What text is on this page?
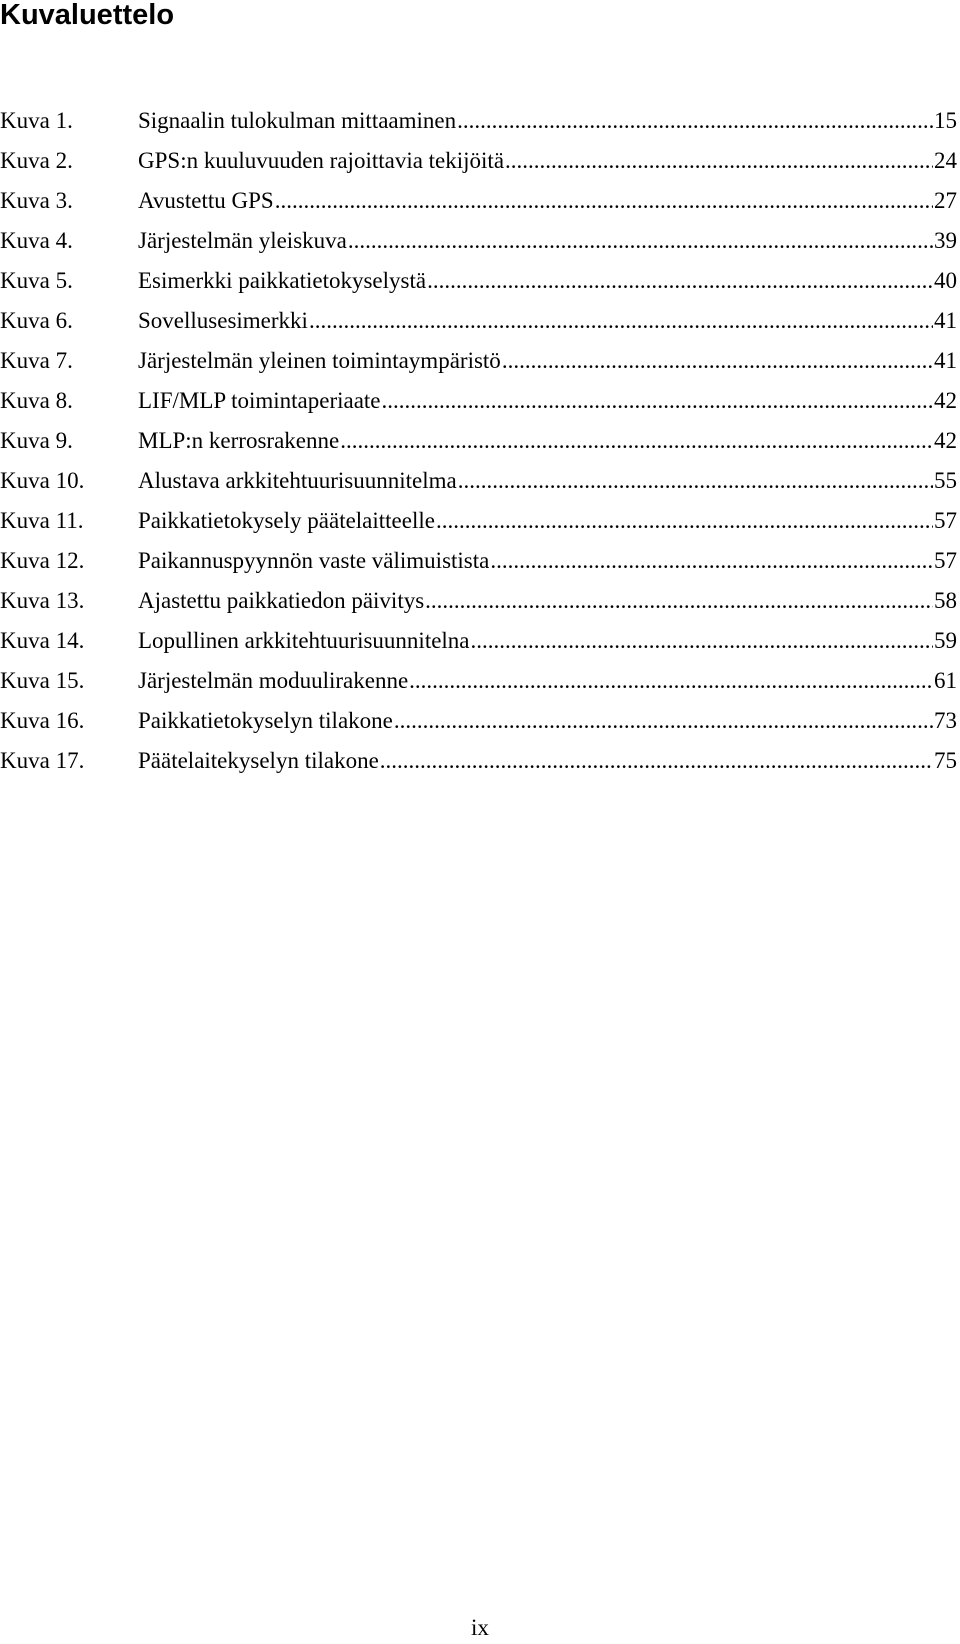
Kuvaluettelo
Kuva 1.	Signaalin tulokulman mittaaminen .....	15
Kuva 2.	GPS:n kuuluvuuden rajoittavia tekijöitä .....	24
Kuva 3.	Avustettu GPS .....	27
Kuva 4.	Järjestelmän yleiskuva .....	39
Kuva 5.	Esimerkki paikkatietokyselystä .....	40
Kuva 6.	Sovellusesimerkki .....	41
Kuva 7.	Järjestelmän yleinen toimintaympäristö .....	41
Kuva 8.	LIF/MLP toimintaperiaate .....	42
Kuva 9.	MLP:n kerrosrakenne .....	42
Kuva 10.	Alustava arkkitehtuurisuunnitelma .....	55
Kuva 11.	Paikkatietokysely päätelaitteelle .....	57
Kuva 12.	Paikannuspyynnön vaste välimuistista .....	57
Kuva 13.	Ajastettu paikkatiedon päivitys .....	58
Kuva 14.	Lopullinen arkkitehtuurisuunnitelna .....	59
Kuva 15.	Järjestelmän moduulirakenne .....	61
Kuva 16.	Paikkatietokyselyn tilakone .....	73
Kuva 17.	Päätelaitekyselyn tilakone .....	75
ix
